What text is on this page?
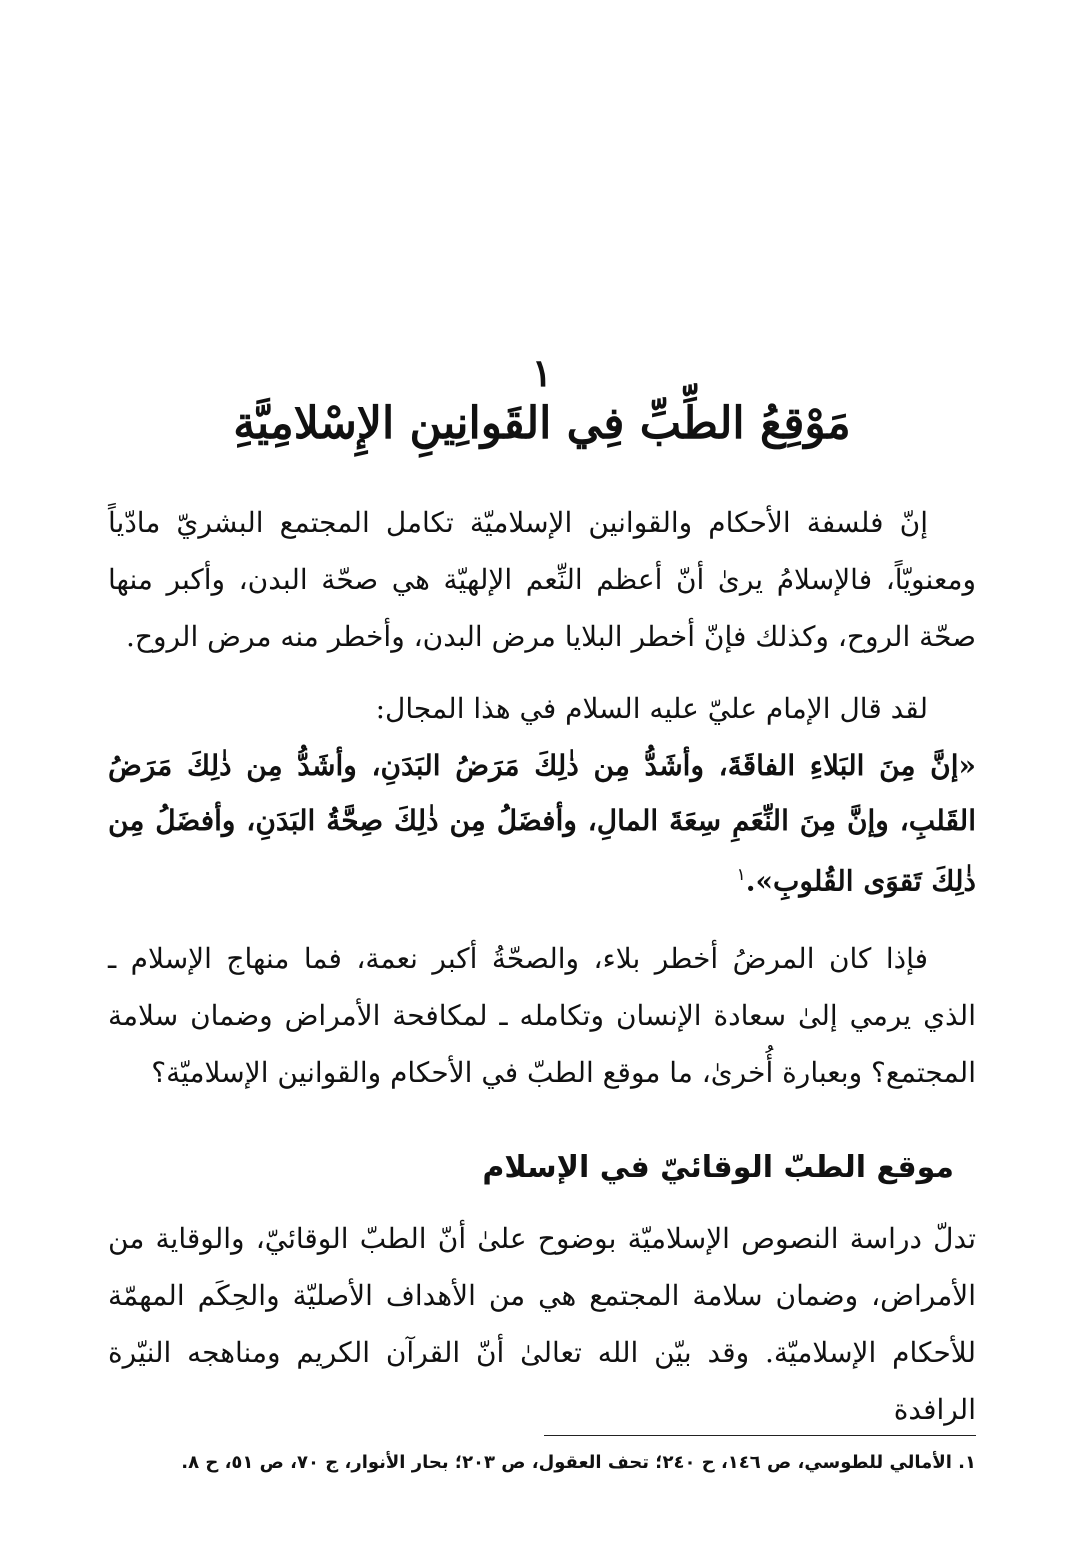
١
مَوْقِعُ الطِّبِّ فِي القَوانِينِ الإِسْلامِيَّةِ

إنّ فلسفة الأحكام والقوانين الإسلاميّة تكامل المجتمع البشريّ مادّياً ومعنويّاً، فالإسلامُ يرىٰ أنّ أعظم النِّعم الإلهيّة هي صحّة البدن، وأكبر منها صحّة الروح، وكذلك فإنّ أخطر البلايا مرض البدن، وأخطر منه مرض الروح.

لقد قال الإمام عليّ عليه السلام في هذا المجال:

«إنَّ مِنَ البَلاءِ الفاقَةَ، وأشَدُّ مِن ذٰلِكَ مَرَضُ البَدَنِ، وأشَدُّ مِن ذٰلِكَ مَرَضُ القَلبِ، وإنَّ مِنَ النِّعَمِ سِعَةَ المالِ، وأفضَلُ مِن ذٰلِكَ صِحَّةُ البَدَنِ، وأفضَلُ مِن ذٰلِكَ تَقوَى القُلوبِ».$^١$

فإذا كان المرضُ أخطر بلاء، والصحّةُ أكبر نعمة، فما منهاج الإسلام ـ الذي يرمي إلىٰ سعادة الإنسان وتكامله ـ لمكافحة الأمراض وضمان سلامة المجتمع؟ وبعبارة أُخرىٰ، ما موقع الطبّ في الأحكام والقوانين الإسلاميّة؟

موقع الطبّ الوقائيّ في الإسلام

تدلّ دراسة النصوص الإسلاميّة بوضوح علىٰ أنّ الطبّ الوقائيّ، والوقاية من الأمراض، وضمان سلامة المجتمع هي من الأهداف الأصليّة والحِكَم المهمّة للأحكام الإسلاميّة. وقد بيّن الله تعالىٰ أنّ القرآن الكريم ومناهجه النيّرة الرافدة

١. الأمالي للطوسي، ص ١٤٦، ح ٢٤٠؛ تحف العقول، ص ٢٠٣؛ بحار الأنوار، ج ٧٠، ص ٥١، ح ٨.
